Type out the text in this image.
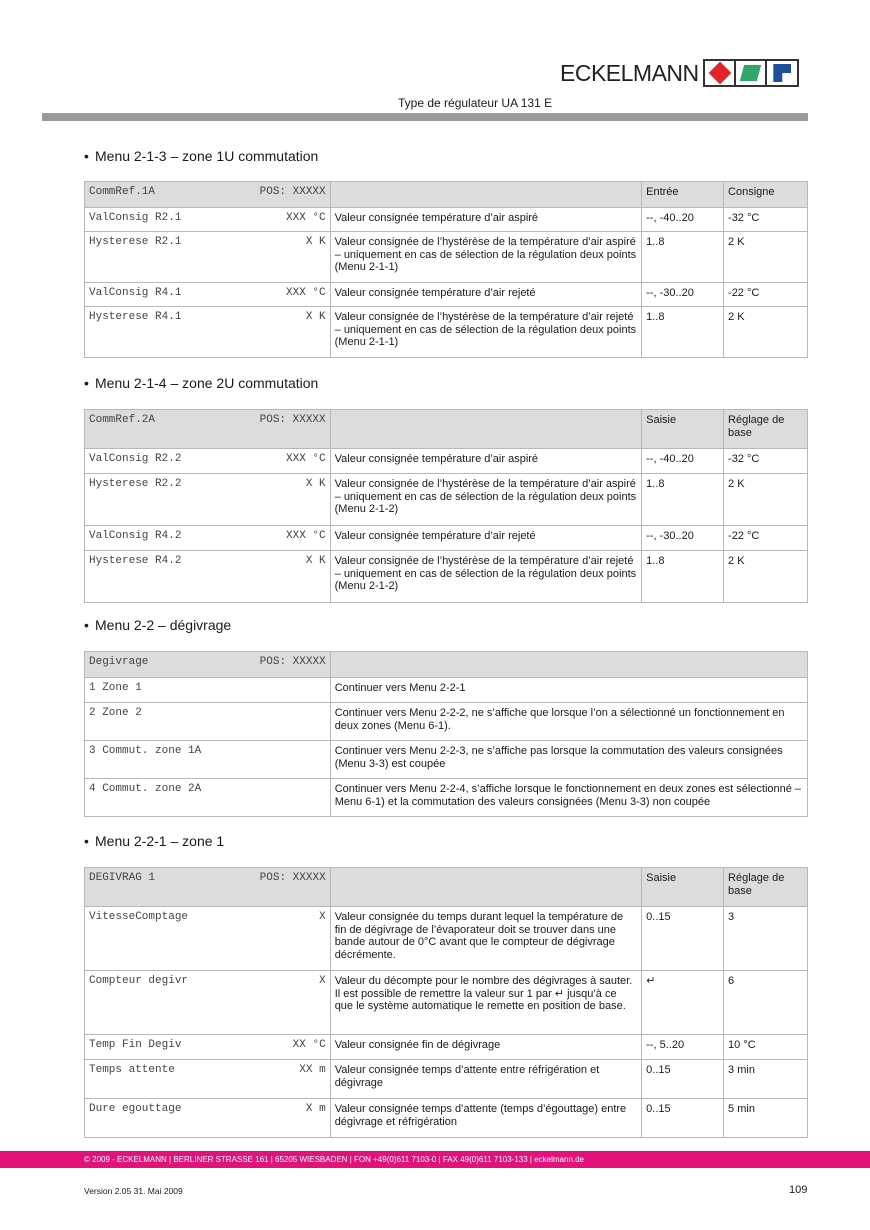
ECKELMANN
Type de régulateur UA 131 E
• Menu 2-1-3 – zone 1U commutation
CommRef.1A POS: XXXXX		Entrée	Consigne

ValConsig R2.1 XXX °C	Valeur consignée température d’air aspiré	--, -40..20	-32 °C

Hysterese R2.1 X K	Valeur consignée de l’hystérèse de la température d’air aspiré – uniquement en cas de sélection de la régulation deux points (Menu 2-1-1)	1..8	2 K

ValConsig R4.1 XXX °C	Valeur consignée température d’air rejeté	--, -30..20	-22 °C

Hysterese R4.1 X K	Valeur consignée de l’hystérèse de la température d’air rejeté – uniquement en cas de sélection de la régulation deux points (Menu 2-1-1)	1..8	2 K
• Menu 2-1-4 – zone 2U commutation
CommRef.2A POS: XXXXX		Saisie	Réglage de base

ValConsig R2.2 XXX °C	Valeur consignée température d’air aspiré	--, -40..20	-32 °C

Hysterese R2.2 X K	Valeur consignée de l’hystérèse de la température d’air aspiré – uniquement en cas de sélection de la régulation deux points (Menu 2-1-2)	1..8	2 K

ValConsig R4.2 XXX °C	Valeur consignée température d’air rejeté	--, -30..20	-22 °C

Hysterese R4.2 X K	Valeur consignée de l’hystérèse de la température d’air rejeté – uniquement en cas de sélection de la régulation deux points (Menu 2-1-2)	1..8	2 K
• Menu 2-2 – dégivrage
Degivrage POS: XXXXX	

1 Zone 1	Continuer vers Menu 2-2-1

2 Zone 2	Continuer vers Menu 2-2-2, ne s’affiche que lorsque l’on a sélectionné un fonctionnement en deux zones (Menu 6-1).

3 Commut. zone 1A	Continuer vers Menu 2-2-3, ne s’affiche pas lorsque la commutation des valeurs consignées (Menu 3-3) est coupée

4 Commut. zone 2A	Continuer vers Menu 2-2-4, s’affiche lorsque le fonctionnement en deux zones est sélectionné –Menu 6-1) et la commutation des valeurs consignées (Menu 3-3) non coupée
• Menu 2-2-1 – zone 1
DEGIVRAG 1 POS: XXXXX		Saisie	Réglage de base

VitesseComptage X	Valeur consignée du temps durant lequel la température de fin de dégivrage de l’évaporateur doit se trouver dans une bande autour de 0°C avant que le compteur de dégivrage décrémente.	0..15	3

Compteur degivr X	Valeur du décompte pour le nombre des dégivrages à sauter. Il est possible de remettre la valeur sur 1 par ↵ jusqu’à ce que le système automatique le remette en position de base.	↵	6

Temp Fin Degiv XX °C	Valeur consignée fin de dégivrage	--, 5..20	10 °C

Temps attente XX m	Valeur consignée temps d’attente entre réfrigération et dégivrage	0..15	3 min

Dure egouttage X m	Valeur consignée temps d’attente (temps d’égouttage) entre dégivrage et réfrigération	0..15	5 min
© 2009 - ECKELMANN | BERLINER STRASSE 161 | 65205 WIESBADEN | FON +49(0)611 7103-0 | FAX 49(0)611 7103-133 | eckelmann.de
Version 2.05 31. Mai 2009	109
